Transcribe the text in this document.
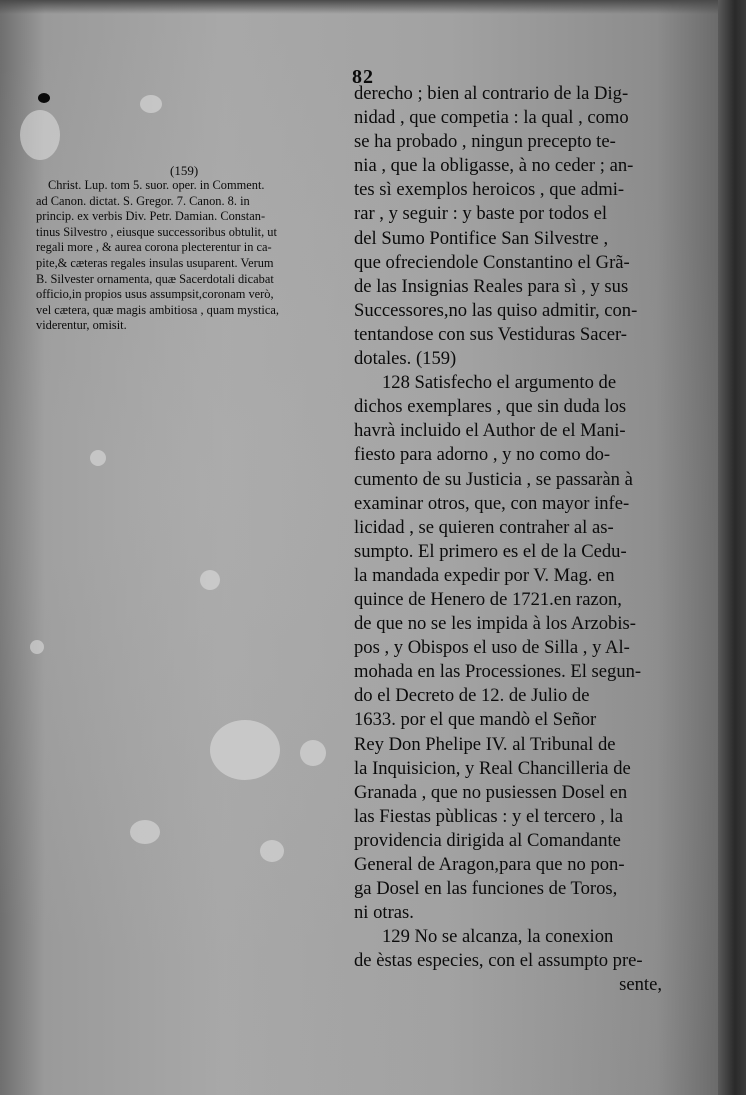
82
(159)
Christ. Lup. tom 5. suor. oper. in Comment.
ad Canon. dictat. S. Gregor. 7. Canon. 8. in
princip. ex verbis Div. Petr. Damian. Constan-
tinus Silvestro , eiusque successoribus obtulit, ut
regali more , & aurea corona plecterentur in ca-
pite,& cæteras regales insulas usuparent. Verum
B. Silvester ornamenta, quæ Sacerdotali dicabat
officio,in propios usus assumpsit,coronam verò,
vel cætera, quæ magis ambitiosa , quam mystica,
viderentur, omisit.
derecho ; bien al contrario de la Dig-
nidad , que competia : la qual , como
se ha probado , ningun precepto te-
nia , que la obligasse, à no ceder ; an-
tes sì exemplos heroicos , que admi-
rar , y seguir : y baste por todos el
del Sumo Pontifice San Silvestre ,
que ofreciendole Constantino el Grã-
de las Insignias Reales para sì , y sus
Successores,no las quiso admitir, con-
tentandose con sus Vestiduras Sacer-
dotales. (159)
128 Satisfecho el argumento de
dichos exemplares , que sin duda los
havrà incluido el Author de el Mani-
fiesto para adorno , y no como do-
cumento de su Justicia , se passaràn à
examinar otros, que, con mayor infe-
licidad , se quieren contraher al as-
sumpto. El primero es el de la Cedu-
la mandada expedir por V. Mag. en
quince de Henero de 1721.en razon,
de que no se les impida à los Arzobis-
pos , y Obispos el uso de Silla , y Al-
mohada en las Processiones. El segun-
do el Decreto de 12. de Julio de
1633. por el que mandò el Señor
Rey Don Phelipe IV. al Tribunal de
la Inquisicion, y Real Chancilleria de
Granada , que no pusiessen Dosel en
las Fiestas pùblicas : y el tercero , la
providencia dirigida al Comandante
General de Aragon,para que no pon-
ga Dosel en las funciones de Toros,
ni otras.
129 No se alcanza, la conexion
de èstas especies, con el assumpto pre-
sente,
